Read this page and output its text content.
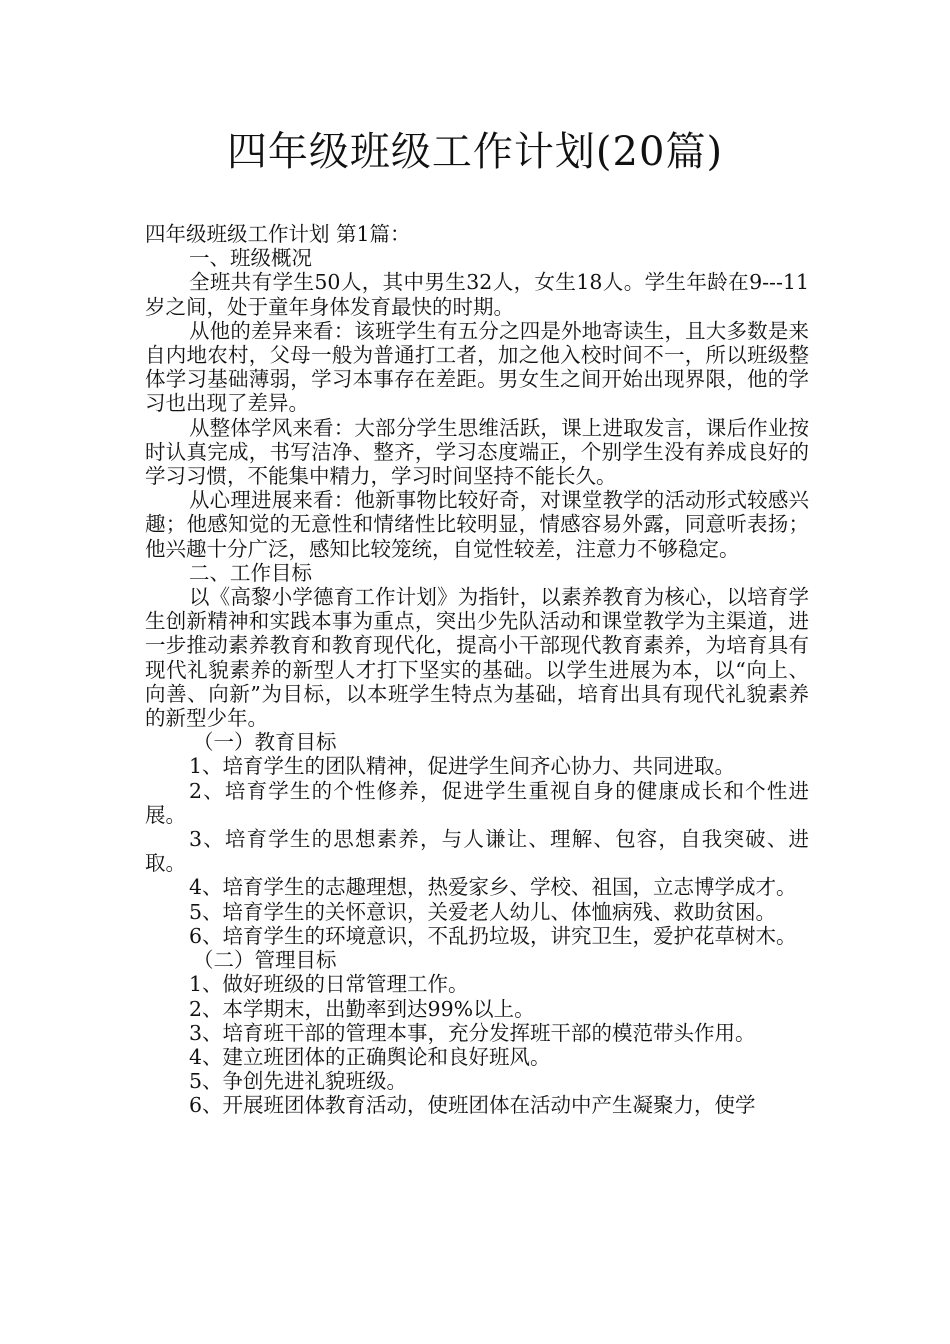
四年级班级工作计划(20篇)

四年级班级工作计划 第1篇：

一、班级概况

全班共有学生50人，其中男生32人，女生18人。学生年龄在9---11岁之间，处于童年身体发育最快的时期。

从他的差异来看：该班学生有五分之四是外地寄读生，且大多数是来自内地农村，父母一般为普通打工者，加之他入校时间不一，所以班级整体学习基础薄弱，学习本事存在差距。男女生之间开始出现界限，他的学习也出现了差异。

从整体学风来看：大部分学生思维活跃，课上进取发言，课后作业按时认真完成，书写洁净、整齐，学习态度端正，个别学生没有养成良好的学习习惯，不能集中精力，学习时间坚持不能长久。

从心理进展来看：他新事物比较好奇，对课堂教学的活动形式较感兴趣；他感知觉的无意性和情绪性比较明显，情感容易外露，同意听表扬；他兴趣十分广泛，感知比较笼统，自觉性较差，注意力不够稳定。

二、工作目标

以《高黎小学德育工作计划》为指针，以素养教育为核心，以培育学生创新精神和实践本事为重点，突出少先队活动和课堂教学为主渠道，进一步推动素养教育和教育现代化，提高小干部现代教育素养，为培育具有现代礼貌素养的新型人才打下坚实的基础。以学生进展为本，以“向上、向善、向新”为目标，以本班学生特点为基础，培育出具有现代礼貌素养的新型少年。

（一）教育目标

1、培育学生的团队精神，促进学生间齐心协力、共同进取。

2、培育学生的个性修养，促进学生重视自身的健康成长和个性进展。

3、培育学生的思想素养，与人谦让、理解、包容，自我突破、进取。

4、培育学生的志趣理想，热爱家乡、学校、祖国，立志博学成才。

5、培育学生的关怀意识，关爱老人幼儿、体恤病残、救助贫困。

6、培育学生的环境意识，不乱扔垃圾，讲究卫生，爱护花草树木。

（二）管理目标

1、做好班级的日常管理工作。

2、本学期末，出勤率到达99%以上。

3、培育班干部的管理本事，充分发挥班干部的模范带头作用。

4、建立班团体的正确舆论和良好班风。

5、争创先进礼貌班级。

6、开展班团体教育活动，使班团体在活动中产生凝聚力，使学
